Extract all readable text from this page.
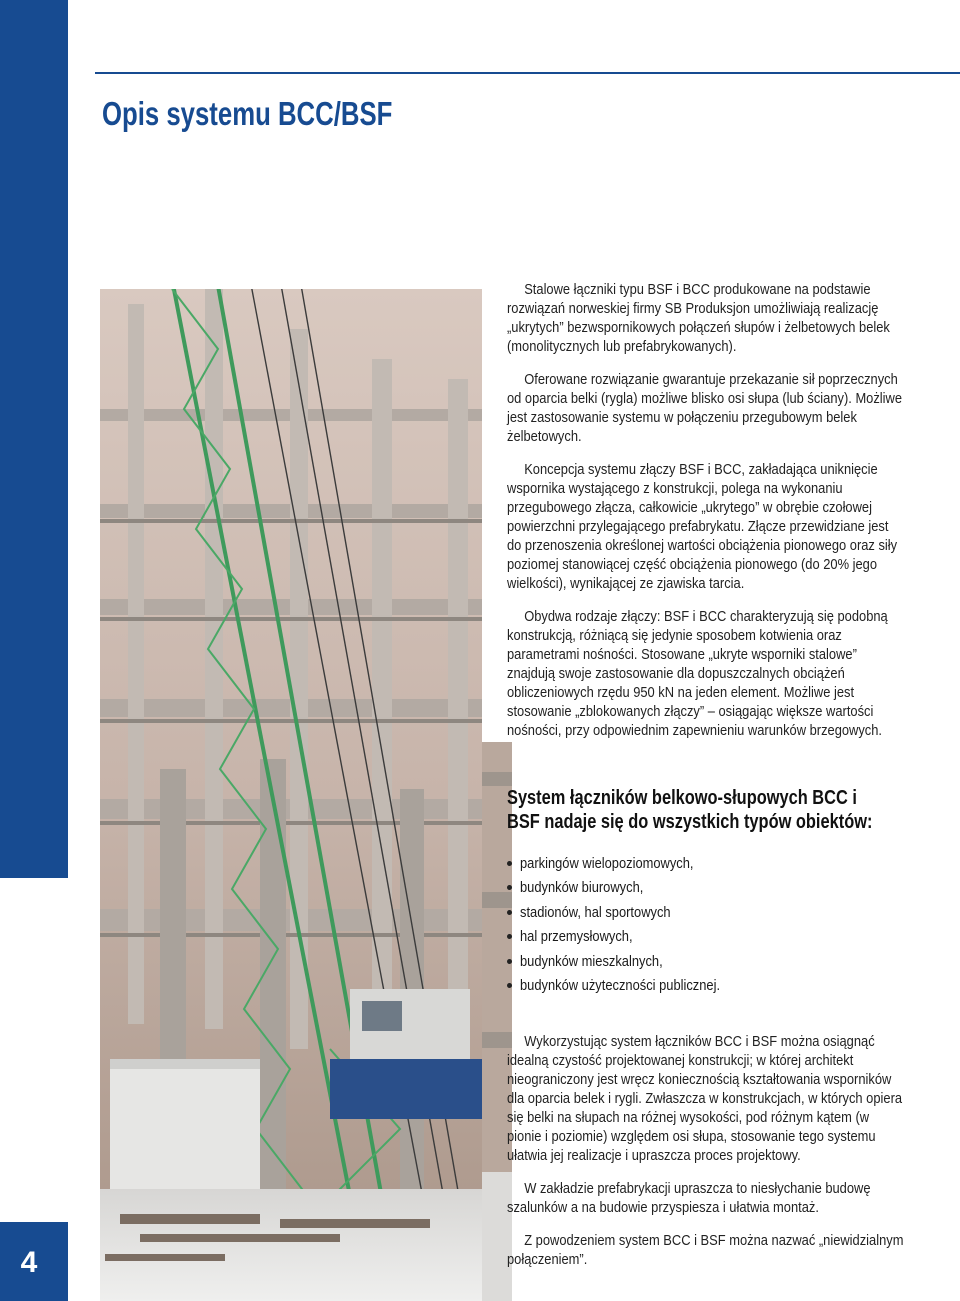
4
Opis systemu BCC/BSF

Stalowe łączniki typu BSF i BCC produkowane na podstawie rozwiązań norweskiej firmy SB Produksjon umożliwiają realizację „ukrytych” bezwspornikowych połączeń słupów i żelbetowych belek (monolitycznych lub prefabrykowanych).

Oferowane rozwiązanie gwarantuje przekazanie sił poprzecznych od oparcia belki (rygla) możliwe blisko osi słupa (lub ściany). Możliwe jest zastosowanie systemu w połączeniu przegubowym belek żelbetowych.

Koncepcja systemu złączy BSF i BCC, zakładająca uniknięcie wspornika wystającego z konstrukcji, polega na wykonaniu przegubowego złącza, całkowicie „ukrytego” w obrębie czołowej powierzchni przylegającego prefabrykatu. Złącze przewidziane jest do przenoszenia określonej wartości obciążenia pionowego oraz siły poziomej stanowiącej część obciążenia pionowego (do 20% jego wielkości), wynikającej ze zjawiska tarcia.

Obydwa rodzaje złączy: BSF i BCC charakteryzują się podobną konstrukcją, różniącą się jedynie sposobem kotwienia oraz parametrami nośności. Stosowane „ukryte wsporniki stalowe” znajdują swoje zastosowanie dla dopuszczalnych obciążeń obliczeniowych rzędu 950 kN na jeden element. Możliwe jest stosowanie „zblokowanych złączy” – osiągając większe wartości nośności, przy odpowiednim zapewnieniu warunków brzegowych.

System łączników belkowo-słupowych BCC i BSF nadaje się do wszystkich typów obiektów:
parkingów wielopoziomowych,
budynków biurowych,
stadionów, hal sportowych
hal przemysłowych,
budynków mieszkalnych,
budynków użyteczności publicznej.

Wykorzystując system łączników BCC i BSF można osiągnąć idealną czystość projektowanej konstrukcji; w której architekt nieograniczony jest wręcz koniecznością kształtowania wsporników dla oparcia belek i rygli. Zwłaszcza w konstrukcjach, w których opiera się belki na słupach na różnej wysokości, pod różnym kątem (w pionie i poziomie) względem osi słupa, stosowanie tego systemu ułatwia jej realizacje i upraszcza proces projektowy.

W zakładzie prefabrykacji upraszcza to niesłychanie budowę szalunków a na budowie przyspiesza i ułatwia montaż.

Z powodzeniem system BCC i BSF można nazwać „niewidzialnym połączeniem”.
